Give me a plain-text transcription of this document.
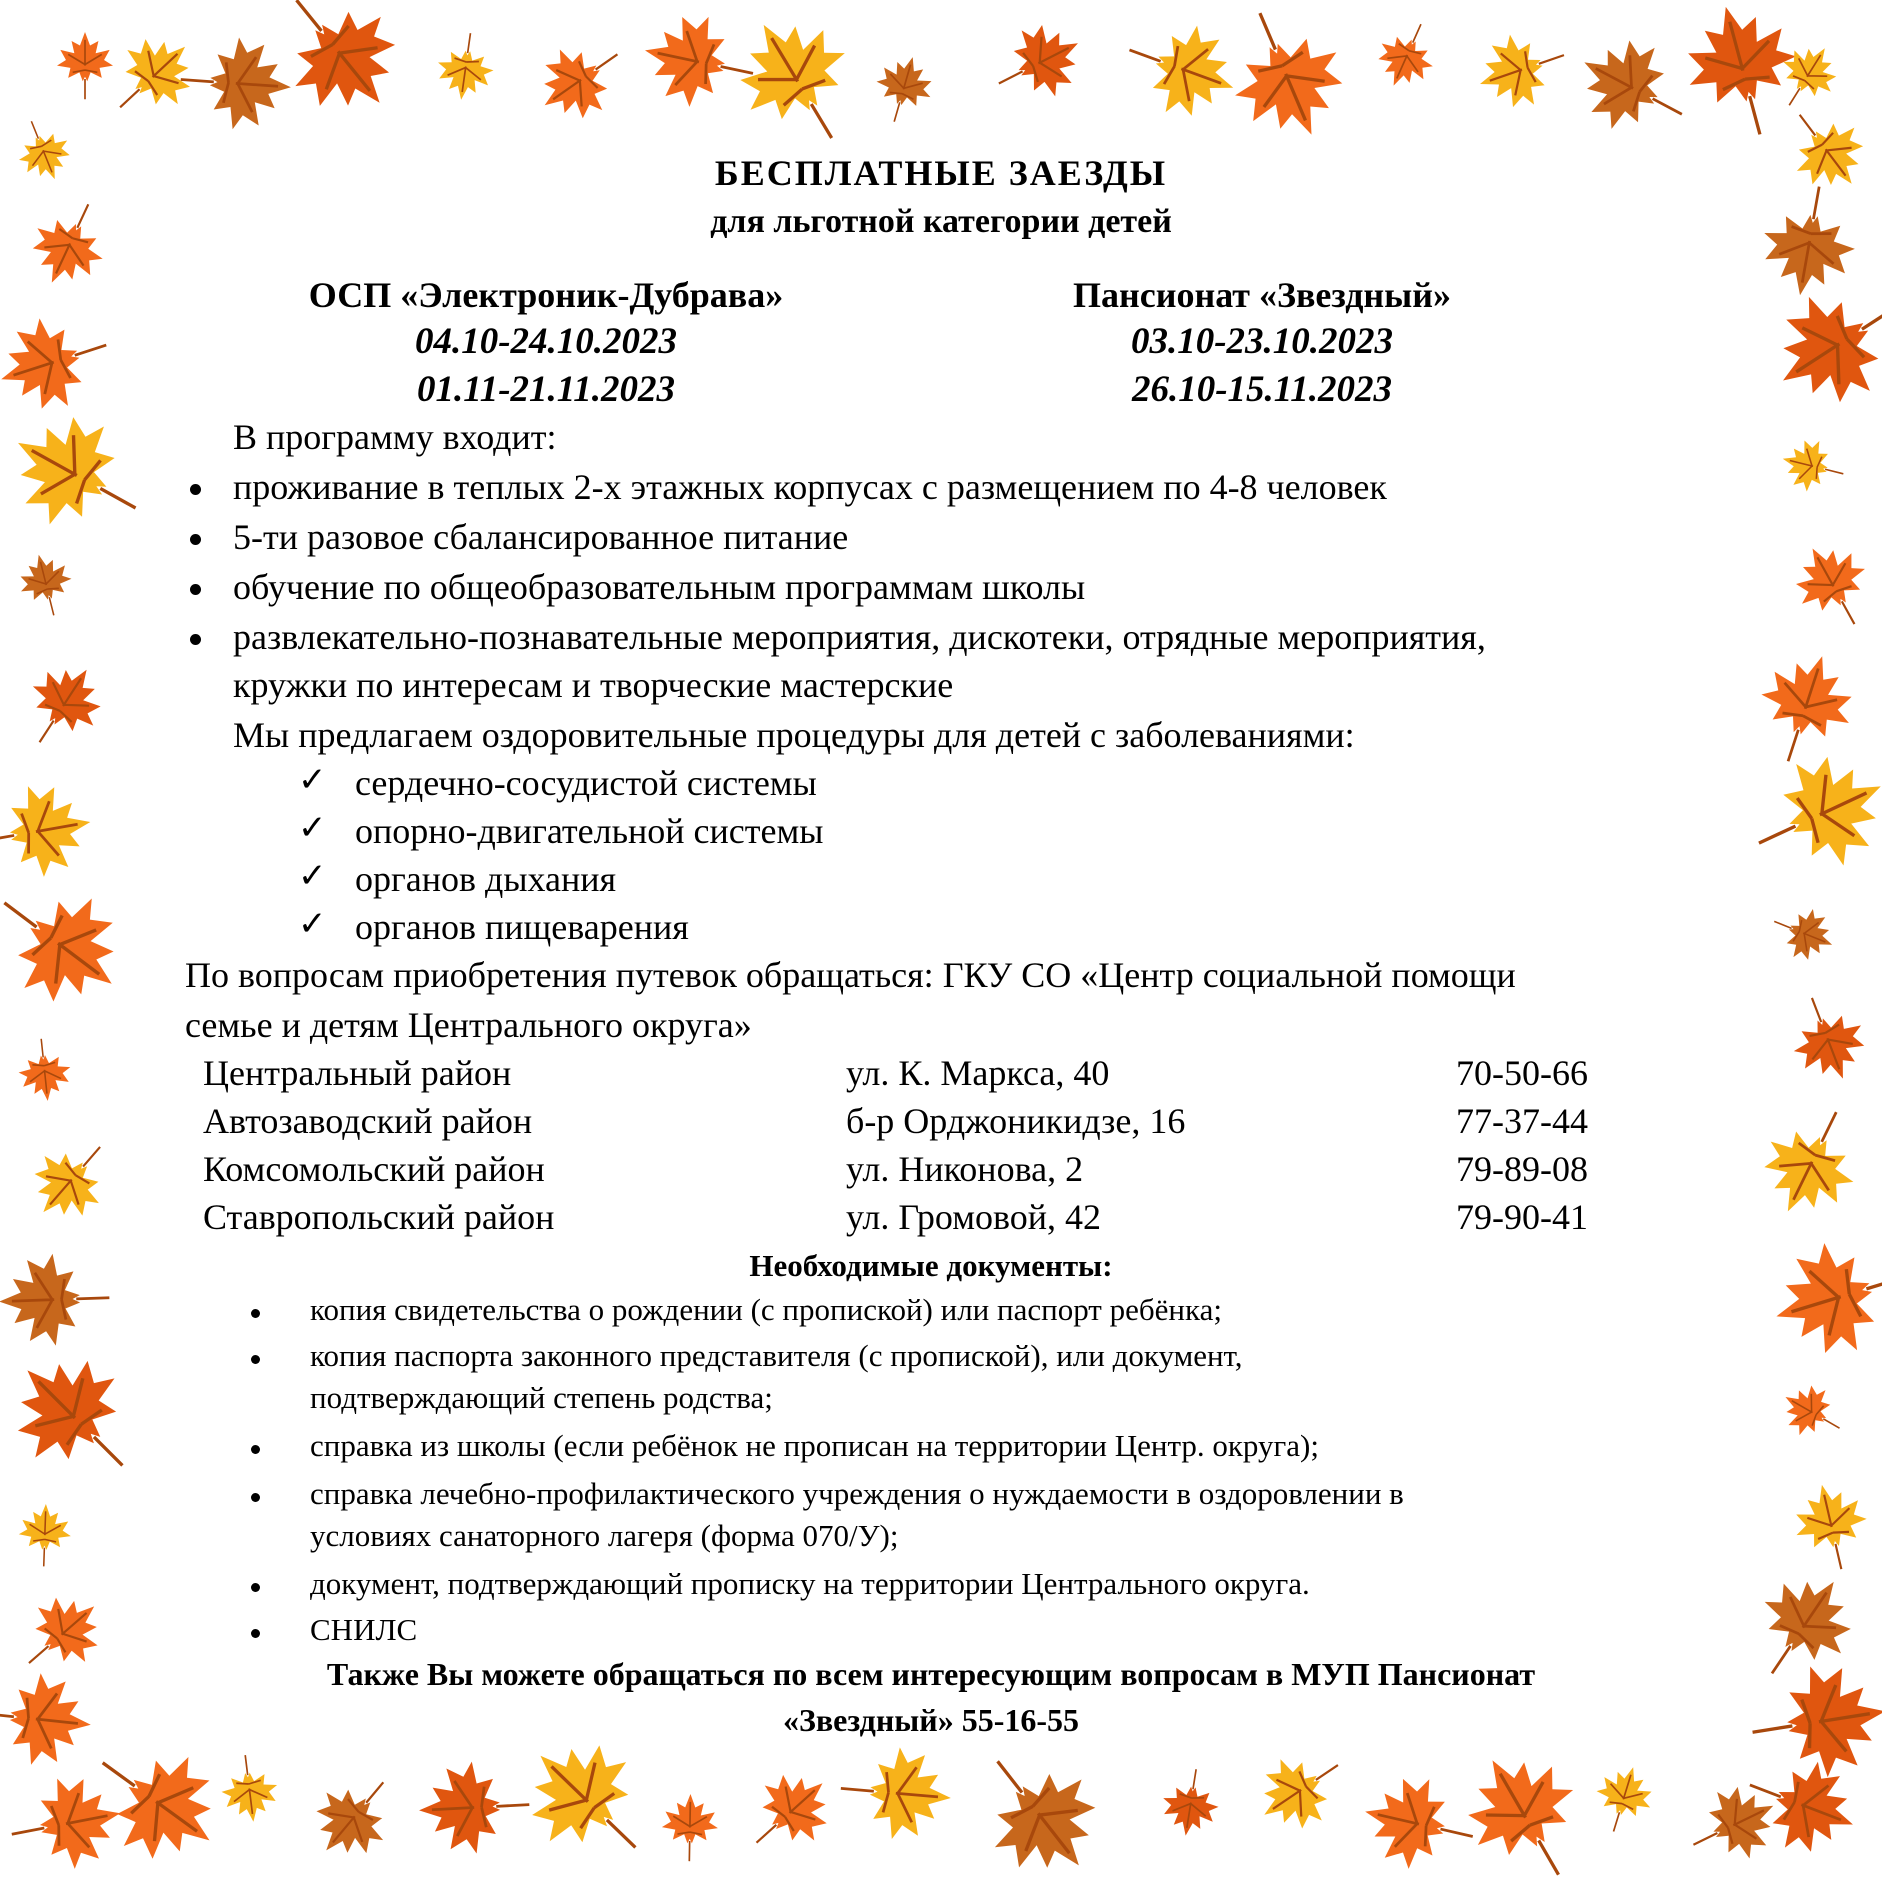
БЕСПЛАТНЫЕ ЗАЕЗДЫ
для льготной категории детей
ОСП «Электроник-Дубрава»
04.10-24.10.2023
01.11-21.11.2023
Пансионат «Звездный»
03.10-23.10.2023
26.10-15.11.2023
В программу входит:
проживание в теплых 2-х этажных корпусах с размещением по 4-8 человек
5-ти разовое сбалансированное питание
обучение по общеобразовательным программам школы
развлекательно-познавательные мероприятия, дискотеки, отрядные мероприятия,
кружки по интересам и творческие мастерские
Мы предлагаем оздоровительные процедуры для детей с заболеваниями:
✓ сердечно-сосудистой системы
✓ опорно-двигательной системы
✓ органов дыхания
✓ органов пищеварения
По вопросам приобретения путевок обращаться: ГКУ СО «Центр социальной помощи
семье и детям Центрального округа»
Центральный район	ул. К. Маркса, 40	70-50-66
Автозаводский район	б-р Орджоникидзе, 16	77-37-44
Комсомольский район	ул. Никонова, 2	79-89-08
Ставропольский район	ул. Громовой, 42	79-90-41
Необходимые документы:
копия свидетельства о рождении (с пропиской) или паспорт ребёнка;
копия паспорта законного представителя (с пропиской), или документ,
подтверждающий степень родства;
справка из школы (если ребёнок не прописан на территории Центр. округа);
справка лечебно-профилактического учреждения о нуждаемости в оздоровлении в
условиях санаторного лагеря (форма 070/У);
документ, подтверждающий прописку на территории Центрального округа.
СНИЛС
Также Вы можете обращаться по всем интересующим вопросам в МУП Пансионат
«Звездный» 55-16-55
